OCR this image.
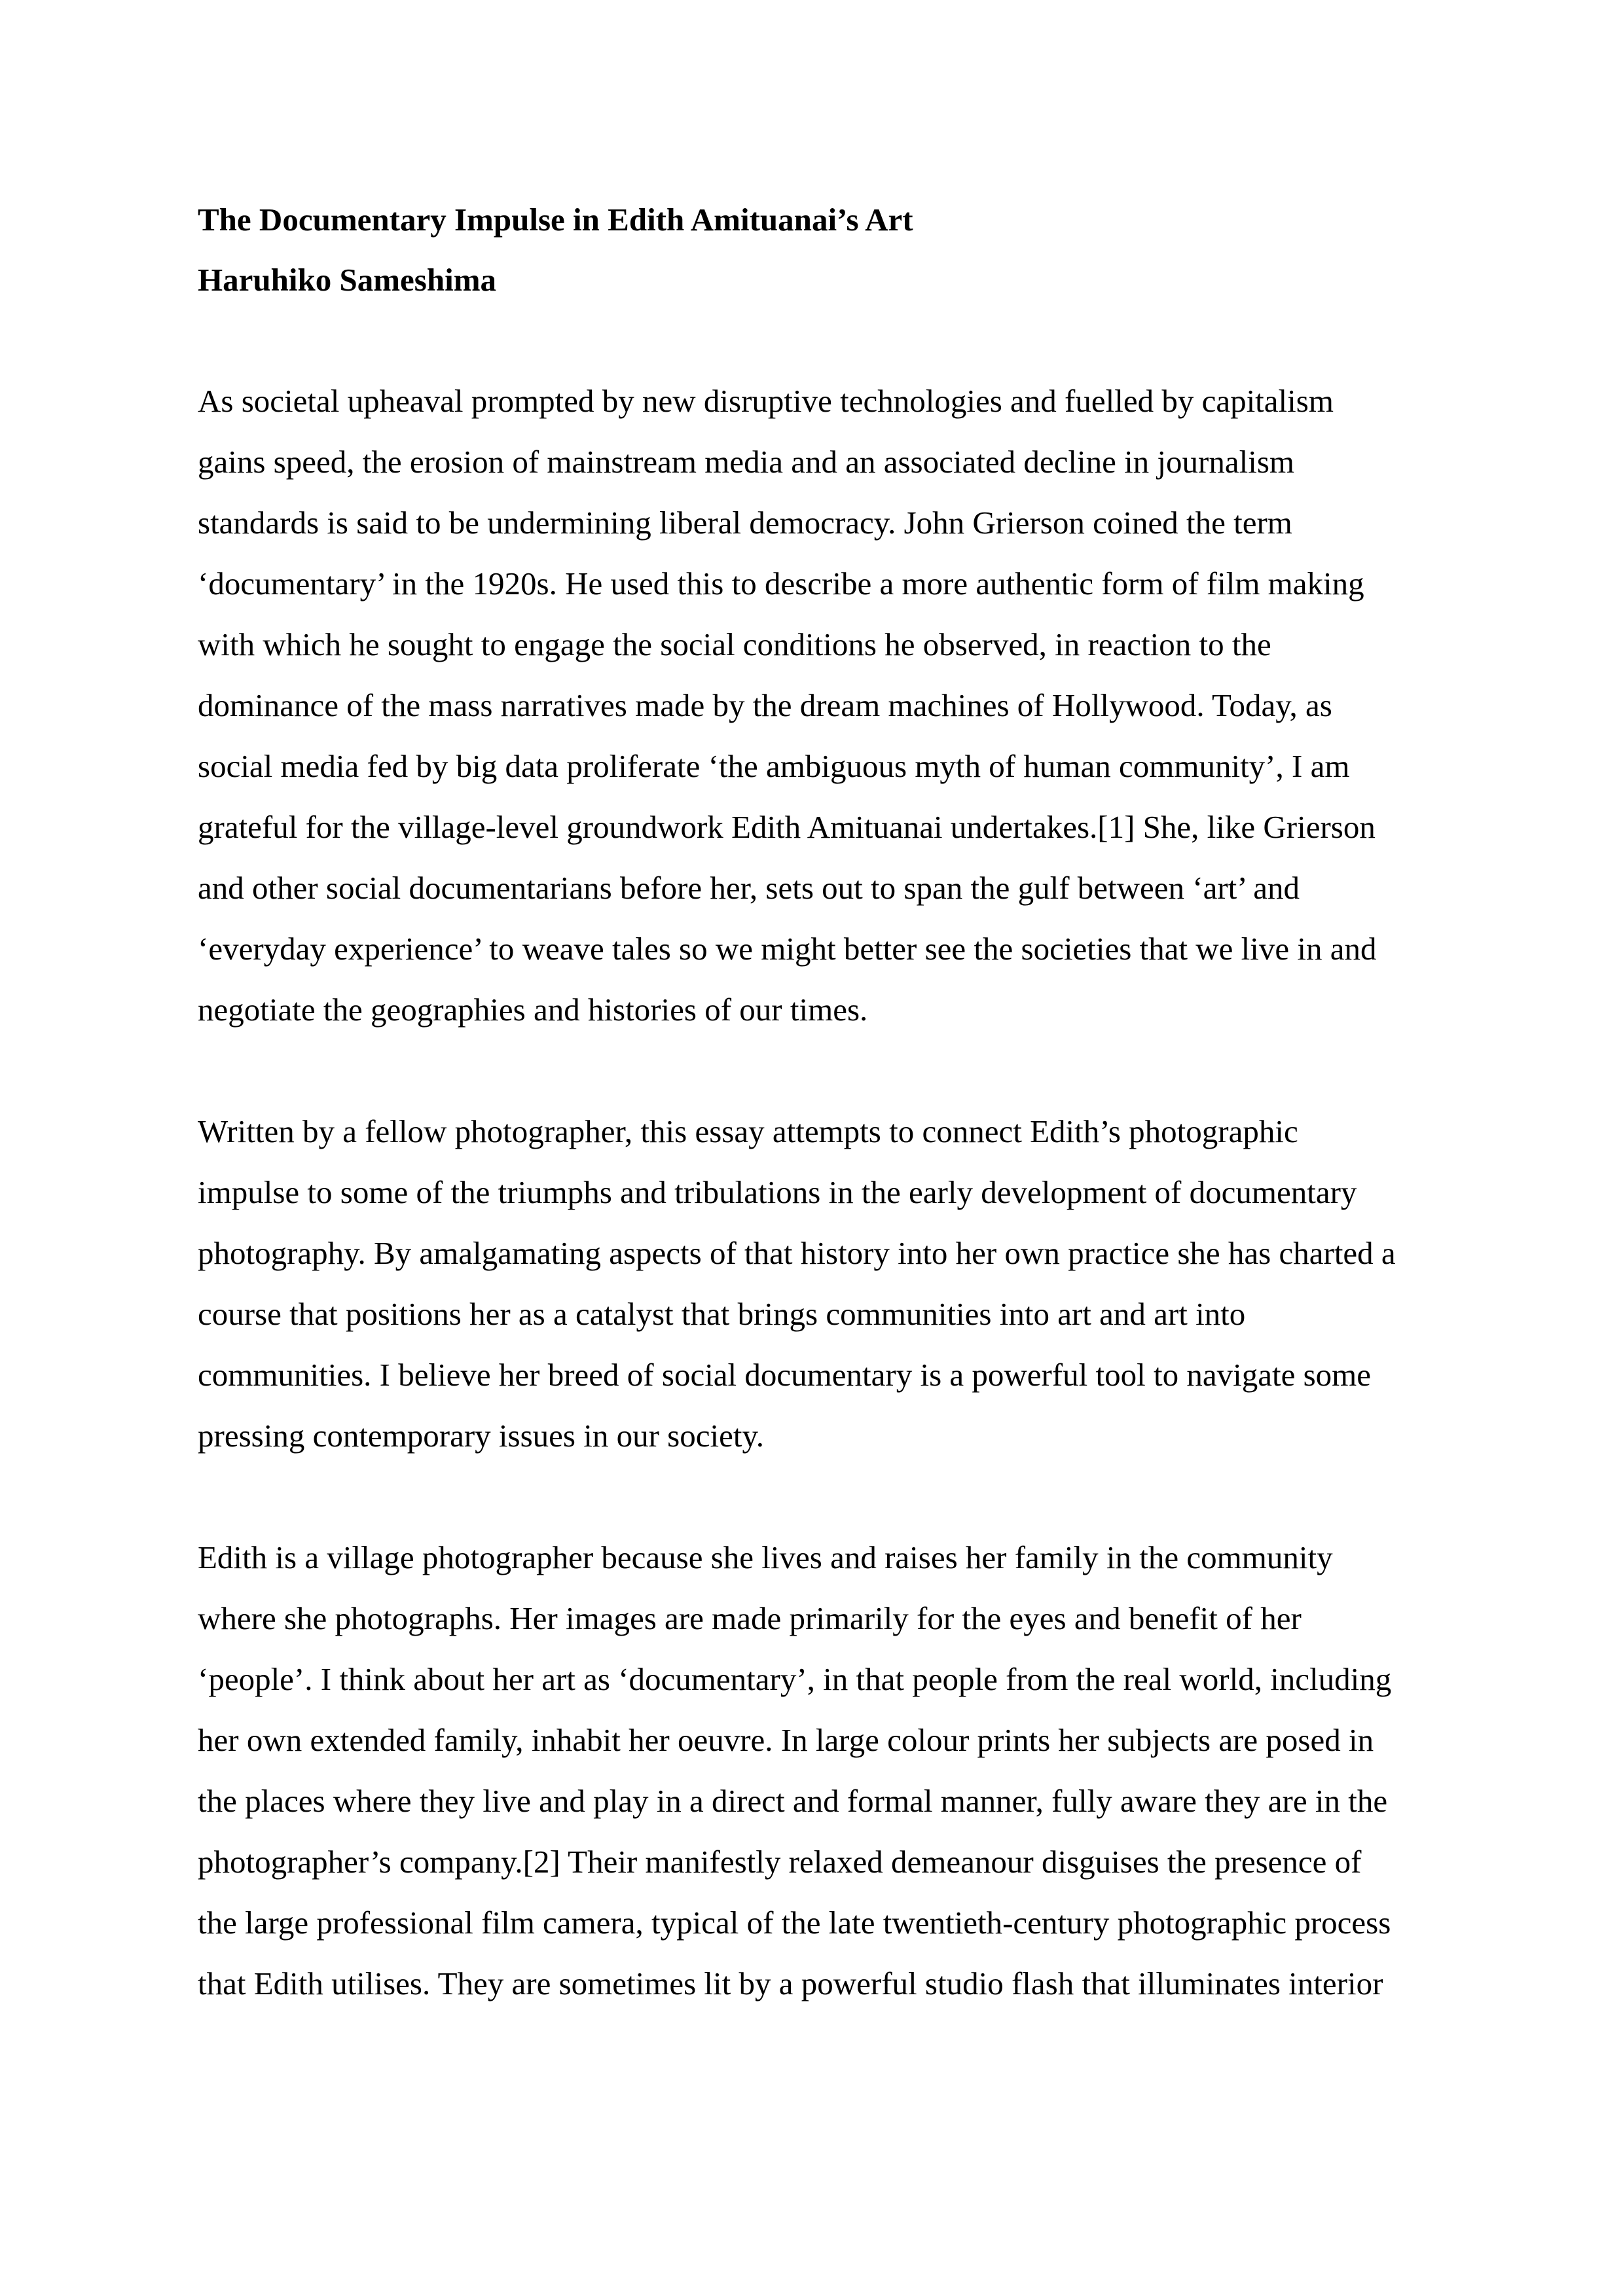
The Documentary Impulse in Edith Amituanai’s Art
Haruhiko Sameshima
As societal upheaval prompted by new disruptive technologies and fuelled by capitalism
gains speed, the erosion of mainstream media and an associated decline in journalism
standards is said to be undermining liberal democracy. John Grierson coined the term
‘documentary’ in the 1920s. He used this to describe a more authentic form of film making
with which he sought to engage the social conditions he observed, in reaction to the
dominance of the mass narratives made by the dream machines of Hollywood. Today, as
social media fed by big data proliferate ‘the ambiguous myth of human community’, I am
grateful for the village-level groundwork Edith Amituanai undertakes.[1] She, like Grierson
and other social documentarians before her, sets out to span the gulf between ‘art’ and
‘everyday experience’ to weave tales so we might better see the societies that we live in and
negotiate the geographies and histories of our times.
Written by a fellow photographer, this essay attempts to connect Edith’s photographic
impulse to some of the triumphs and tribulations in the early development of documentary
photography. By amalgamating aspects of that history into her own practice she has charted a
course that positions her as a catalyst that brings communities into art and art into
communities. I believe her breed of social documentary is a powerful tool to navigate some
pressing contemporary issues in our society.
Edith is a village photographer because she lives and raises her family in the community
where she photographs. Her images are made primarily for the eyes and benefit of her
‘people’. I think about her art as ‘documentary’, in that people from the real world, including
her own extended family, inhabit her oeuvre. In large colour prints her subjects are posed in
the places where they live and play in a direct and formal manner, fully aware they are in the
photographer’s company.[2] Their manifestly relaxed demeanour disguises the presence of
the large professional film camera, typical of the late twentieth-century photographic process
that Edith utilises. They are sometimes lit by a powerful studio flash that illuminates interior
